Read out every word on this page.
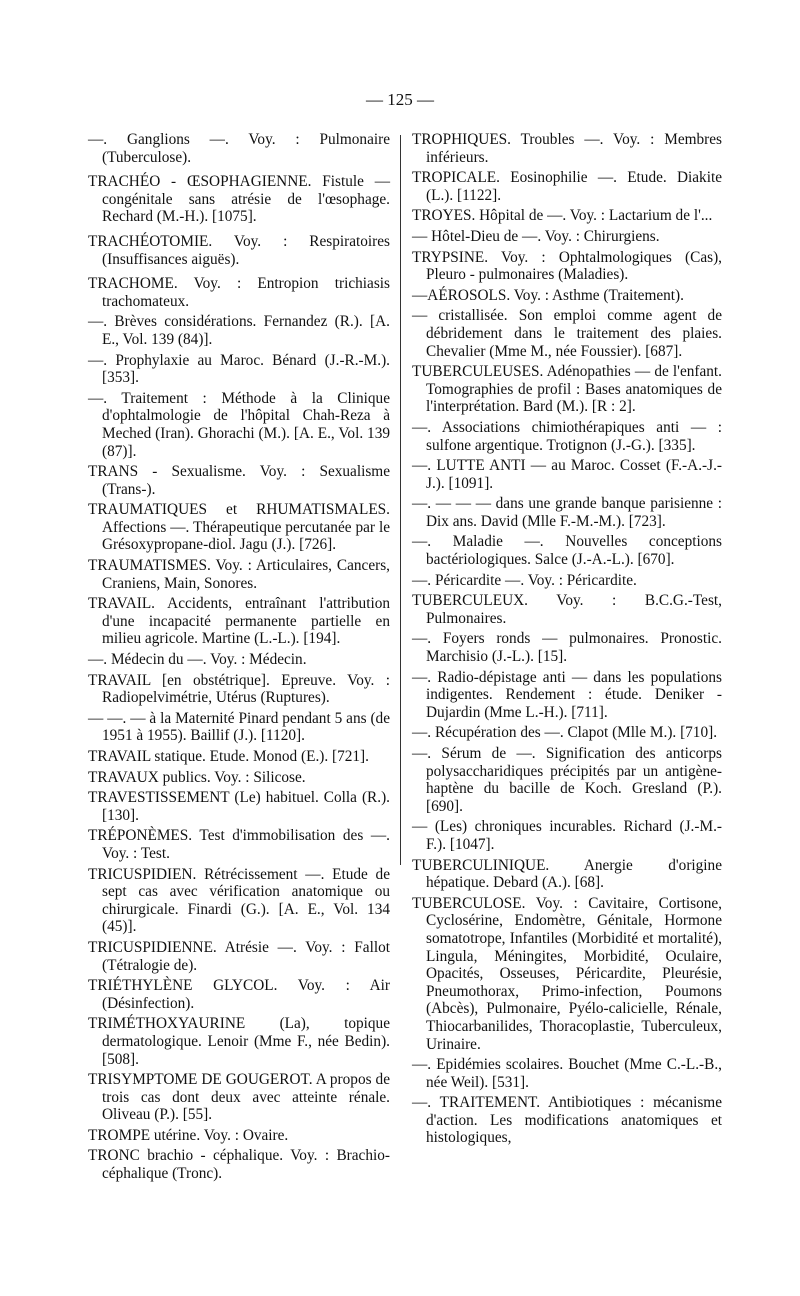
— 125 —

—. Ganglions —. Voy. : Pulmonaire (Tuberculose).

TRACHÉO - ŒSOPHAGIENNE. Fistule — congénitale sans atrésie de l'œsophage. Rechard (M.-H.). [1075].

TRACHÉOTOMIE. Voy. : Respiratoires (Insuffisances aiguës).

TRACHOME. Voy. : Entropion trichiasis trachomateux.

—. Brèves considérations. Fernandez (R.). [A. E., Vol. 139 (84)].

—. Prophylaxie au Maroc. Bénard (J.-R.-M.). [353].

—. Traitement : Méthode à la Clinique d'ophtalmologie de l'hôpital Chah-Reza à Meched (Iran). Ghorachi (M.). [A. E., Vol. 139 (87)].

TRANS - Sexualisme. Voy. : Sexualisme (Trans-).

TRAUMATIQUES et RHUMATISMALES. Affections —. Thérapeutique percutanée par le Grésoxypropane-diol. Jagu (J.). [726].

TRAUMATISMES. Voy. : Articulaires, Cancers, Craniens, Main, Sonores.

TRAVAIL. Accidents, entraînant l'attribution d'une incapacité permanente partielle en milieu agricole. Martine (L.-L.). [194].

—. Médecin du —. Voy. : Médecin.

TRAVAIL [en obstétrique]. Epreuve. Voy. : Radiopelvimétrie, Utérus (Ruptures).

— —. — à la Maternité Pinard pendant 5 ans (de 1951 à 1955). Baillif (J.). [1120].

TRAVAIL statique. Etude. Monod (E.). [721].

TRAVAUX publics. Voy. : Silicose.

TRAVESTISSEMENT (Le) habituel. Colla (R.). [130].

TRÉPONÈMES. Test d'immobilisation des —. Voy. : Test.

TRICUSPIDIEN. Rétrécissement —. Etude de sept cas avec vérification anatomique ou chirurgicale. Finardi (G.). [A. E., Vol. 134 (45)].

TRICUSPIDIENNE. Atrésie —. Voy. : Fallot (Tétralogie de).

TRIÉTHYLÈNE GLYCOL. Voy. : Air (Désinfection).

TRIMÉTHOXYAURINE (La), topique dermatologique. Lenoir (Mme F., née Bedin). [508].

TRISYMPTOME DE GOUGEROT. A propos de trois cas dont deux avec atteinte rénale. Oliveau (P.). [55].

TROMPE utérine. Voy. : Ovaire.

TRONC brachio - céphalique. Voy. : Brachio-céphalique (Tronc).

TROPHIQUES. Troubles —. Voy. : Membres inférieurs.

TROPICALE. Eosinophilie —. Etude. Diakite (L.). [1122].

TROYES. Hôpital de —. Voy. : Lactarium de l'...

— Hôtel-Dieu de —. Voy. : Chirurgiens.

TRYPSINE. Voy. : Ophtalmologiques (Cas), Pleuro - pulmonaires (Maladies).

—AÉROSOLS. Voy. : Asthme (Traitement).

— cristallisée. Son emploi comme agent de débridement dans le traitement des plaies. Chevalier (Mme M., née Foussier). [687].

TUBERCULEUSES. Adénopathies — de l'enfant. Tomographies de profil : Bases anatomiques de l'interprétation. Bard (M.). [R : 2].

—. Associations chimiothérapiques anti — : sulfone argentique. Trotignon (J.-G.). [335].

—. LUTTE ANTI — au Maroc. Cosset (F.-A.-J.-J.). [1091].

—. — — — dans une grande banque parisienne : Dix ans. David (Mlle F.-M.-M.). [723].

—. Maladie —. Nouvelles conceptions bactériologiques. Salce (J.-A.-L.). [670].

—. Péricardite —. Voy. : Péricardite.

TUBERCULEUX. Voy. : B.C.G.-Test, Pulmonaires.

—. Foyers ronds — pulmonaires. Pronostic. Marchisio (J.-L.). [15].

—. Radio-dépistage anti — dans les populations indigentes. Rendement : étude. Deniker - Dujardin (Mme L.-H.). [711].

—. Récupération des —. Clapot (Mlle M.). [710].

—. Sérum de —. Signification des anticorps polysaccharidiques précipités par un antigène-haptène du bacille de Koch. Gresland (P.). [690].

— (Les) chroniques incurables. Richard (J.-M.-F.). [1047].

TUBERCULINIQUE. Anergie d'origine hépatique. Debard (A.). [68].

TUBERCULOSE. Voy. : Cavitaire, Cortisone, Cyclosérine, Endomètre, Génitale, Hormone somatotrope, Infantiles (Morbidité et mortalité), Lingula, Méningites, Morbidité, Oculaire, Opacités, Osseuses, Péricardite, Pleurésie, Pneumothorax, Primo-infection, Poumons (Abcès), Pulmonaire, Pyélo-calicielle, Rénale, Thiocarbanilides, Thoracoplastie, Tuberculeux, Urinaire.

—. Epidémies scolaires. Bouchet (Mme C.-L.-B., née Weil). [531].

—. TRAITEMENT. Antibiotiques : mécanisme d'action. Les modifications anatomiques et histologiques,
